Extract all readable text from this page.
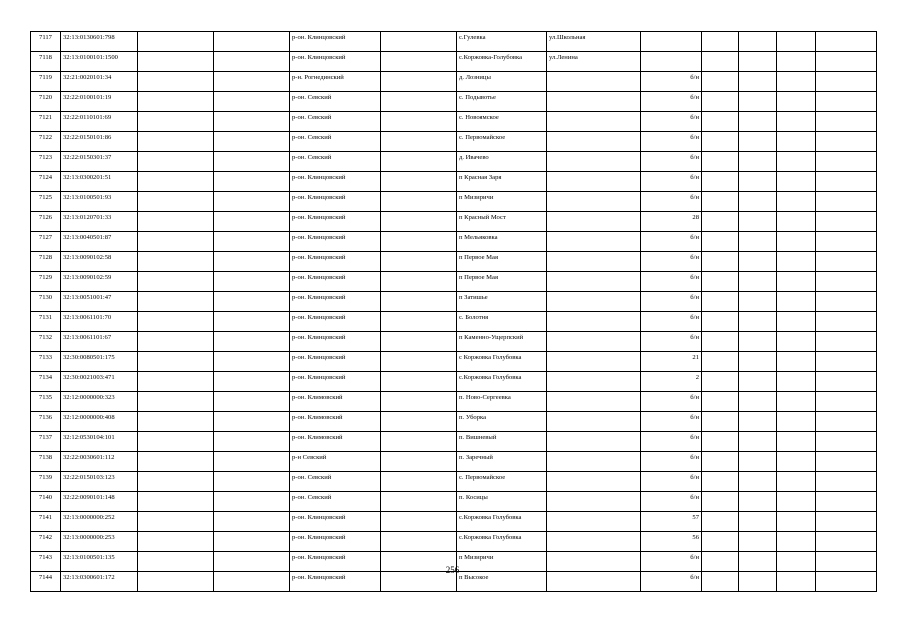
7117	32:13:0130601:798			р-он. Клинцовский		с.Гулевка	ул.Школьная					
7118	32:13:0100101:1500			р-он. Клинцовский		с.Коржовка-Голубовка	ул.Ленина					
7119	32:21:0020101:34			р-н. Рогнединский		д. Лозницы		б/н				
7120	32:22:0100101:19			р-он. Севский		с. Подывотье		б/н				
7121	32:22:0110101:69			р-он. Севский		с. Новоямское		б/н				
7122	32:22:0150101:86			р-он. Севский		с. Первомайское		б/н				
7123	32:22:0150301:37			р-он. Севский		д. Ивачево		б/н				
7124	32:13:0300201:51			р-он. Клинцовский		п Красная Заря		б/н				
7125	32:13:0100501:93			р-он. Клинцовский		п Мизиричи		б/н				
7126	32:13:0120701:33			р-он. Клинцовский		п Красный Мост		28				
7127	32:13:0040501:87			р-он. Клинцовский		п Мельяковка		б/н				
7128	32:13:0090102:58			р-он. Клинцовский		п Первое Мая		б/н				
7129	32:13:0090102:59			р-он. Клинцовский		п Первое Мая		б/н				
7130	32:13:0051001:47			р-он. Клинцовский		п Затишье		б/н				
7131	32:13:0061101:70			р-он. Клинцовский		с. Болотня		б/н				
7132	32:13:0061101:67			р-он. Клинцовский		п Каменно-Ущерпский		б/н				
7133	32:30:0080501:175			р-он. Клинцовский		с Коржовка Голубовка		21				
7134	32:30:0021003:471			р-он. Клинцовский		с.Коржовка Голубовка		2				
7135	32:12:0000000:323			р-он. Климовский		п. Ново-Сергеевка		б/н				
7136	32:12:0000000:408			р-он. Климовский		п. Уборка		б/н				
7137	32:12:0530104:101			р-он. Климовский		п. Вишневый		б/н				
7138	32:22:0030601:112			р-н Севский		п. Заречный		б/н				
7139	32:22:0150103:123			р-он. Севский		с. Первомайское		б/н				
7140	32:22:0090101:148			р-он. Севский		п. Косицы		б/н				
7141	32:13:0000000:252			р-он. Клинцовский		с.Коржовка Голубовка		57				
7142	32:13:0000000:253			р-он. Клинцовский		с.Коржовка Голубовка		56				
7143	32:13:0100501:135			р-он. Клинцовский		п Мизиричи		б/н				
7144	32:13:0300601:172			р-он. Клинцовский		п Высокое		б/н				
256
